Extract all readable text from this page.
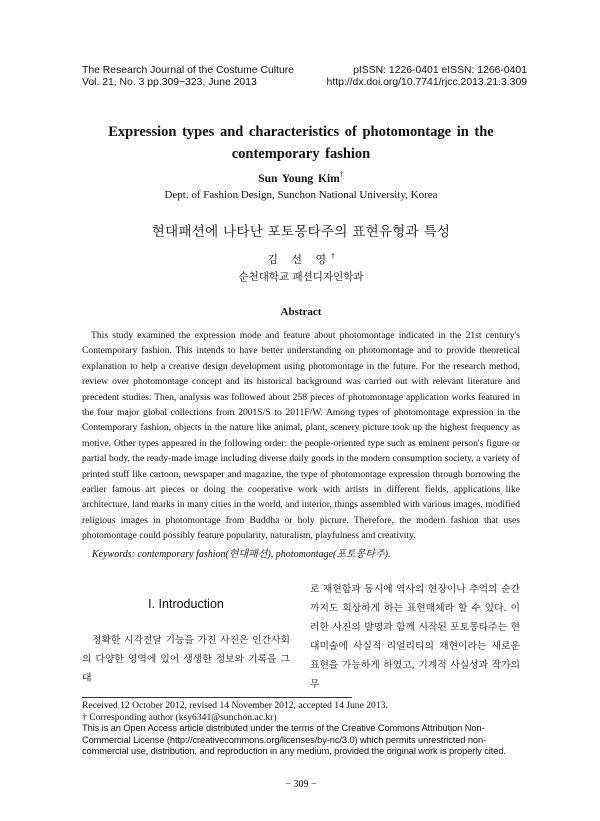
The Research Journal of the Costume Culture	pISSN: 1226-0401 eISSN: 1266-0401
Vol. 21, No. 3 pp.309~323, June 2013	http://dx.doi.org/10.7741/rjcc.2013.21.3.309
Expression types and characteristics of photomontage in the contemporary fashion
Sun Young Kim†
Dept. of Fashion Design, Sunchon National University, Korea
현대패션에 나타난 포토몽타주의 표현유형과 특성
김 선 영†
순천대학교 패션디자인학과
Abstract

This study examined the expression mode and feature about photomontage indicated in the 21st century's Contemporary fashion. This intends to have better understanding on photomontage and to provide theoretical explanation to help a creative design development using photomontage in the future. For the research method, review over photomontage concept and its historical background was carried out with relevant literature and precedent studies. Then, analysis was followed about 258 pieces of photomontage application works featured in the four major global collections from 2001S/S to 2011F/W. Among types of photomontage expression in the Contemporary fashion, objects in the nature like animal, plant, scenery picture took up the highest frequency as motive. Other types appeared in the following order: the people-oriented type such as eminent person's figure or partial body, the ready-made image including diverse daily goods in the modern consumption society, a variety of printed stuff like cartoon, newspaper and magazine, the type of photomontage expression through borrowing the earlier famous art pieces or doing the cooperative work with artists in different fields, applications like architecture, land marks in many cities in the world, and interior, things assembled with various images, modified religious images in photomontage from Buddha or holy picture. Therefore, the modern fashion that uses photomontage could possibly feature popularity, naturalism, playfulness and creativity.

Keywords: contemporary fashion(현대패션), photomontage(포토몽타주).
I. Introduction

정확한 시각전달 기능을 가진 사진은 인간사회의 다양한 영역에 있어 생생한 정보와 기록을 그대

로 재현함과 동시에 역사의 현장이나 추억의 순간까지도 회상하게 하는 표현매체라 할 수 있다. 이러한 사진의 발명과 함께 시작된 포토몽타주는 현대미술에 사실적 리얼리티의 재현이라는 새로운 표현을 가능하게 하였고, 기계적 사실성과 작가의 무

Received 12 October 2012, revised 14 November 2012, accepted 14 June 2013.

† Corresponding author (ksy6341@sunchon.ac.kr)

This is an Open Access article distributed under the terms of the Creative Commons Attribution Non-Commercial License (http://creativecommons.org/licenses/by-nc/3.0) which permits unrestricted non-commercial use, distribution, and reproduction in any medium, provided the original work is properly cited.

− 309 −
